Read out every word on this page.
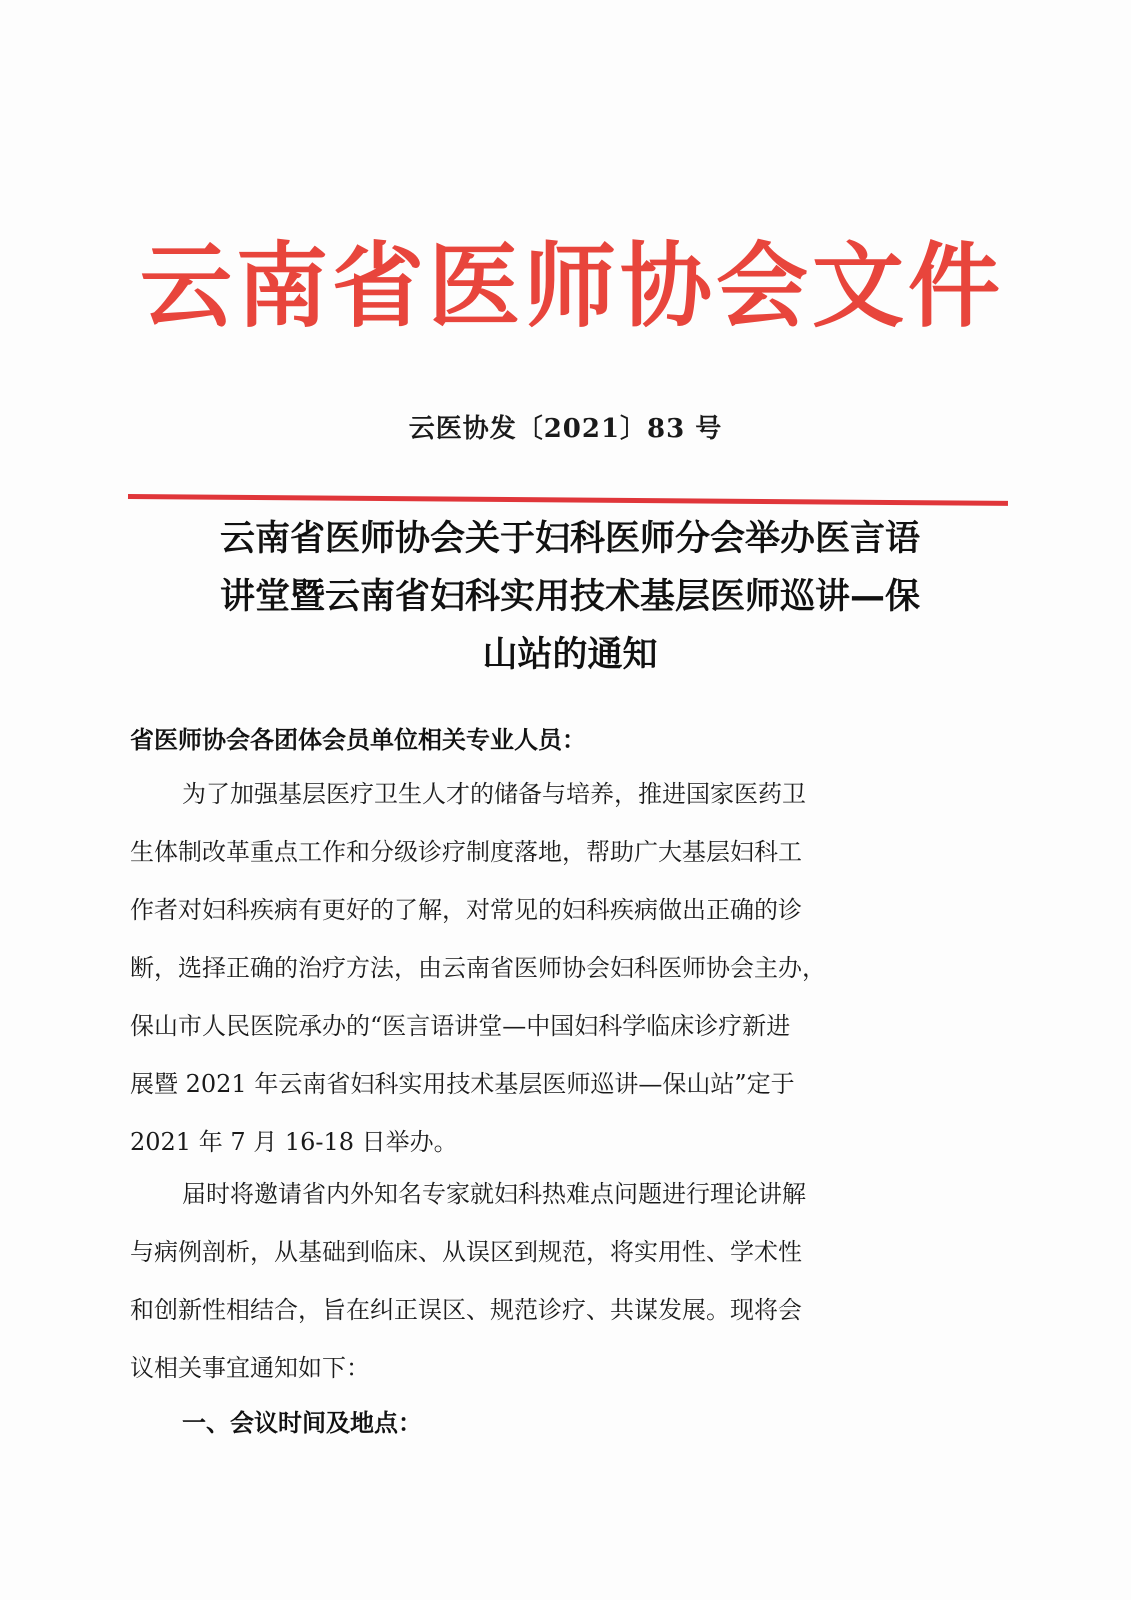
云南省医师协会文件
云医协发〔2021〕83 号
云南省医师协会关于妇科医师分会举办医言语
讲堂暨云南省妇科实用技术基层医师巡讲—保
山站的通知
省医师协会各团体会员单位相关专业人员：
为了加强基层医疗卫生人才的储备与培养，推进国家医药卫
生体制改革重点工作和分级诊疗制度落地，帮助广大基层妇科工
作者对妇科疾病有更好的了解，对常见的妇科疾病做出正确的诊
断，选择正确的治疗方法，由云南省医师协会妇科医师协会主办，
保山市人民医院承办的“医言语讲堂—中国妇科学临床诊疗新进
展暨 2021 年云南省妇科实用技术基层医师巡讲—保山站”定于
2021 年 7 月 16-18 日举办。
届时将邀请省内外知名专家就妇科热难点问题进行理论讲解
与病例剖析，从基础到临床、从误区到规范，将实用性、学术性
和创新性相结合，旨在纠正误区、规范诊疗、共谋发展。现将会
议相关事宜通知如下：
一、会议时间及地点：
